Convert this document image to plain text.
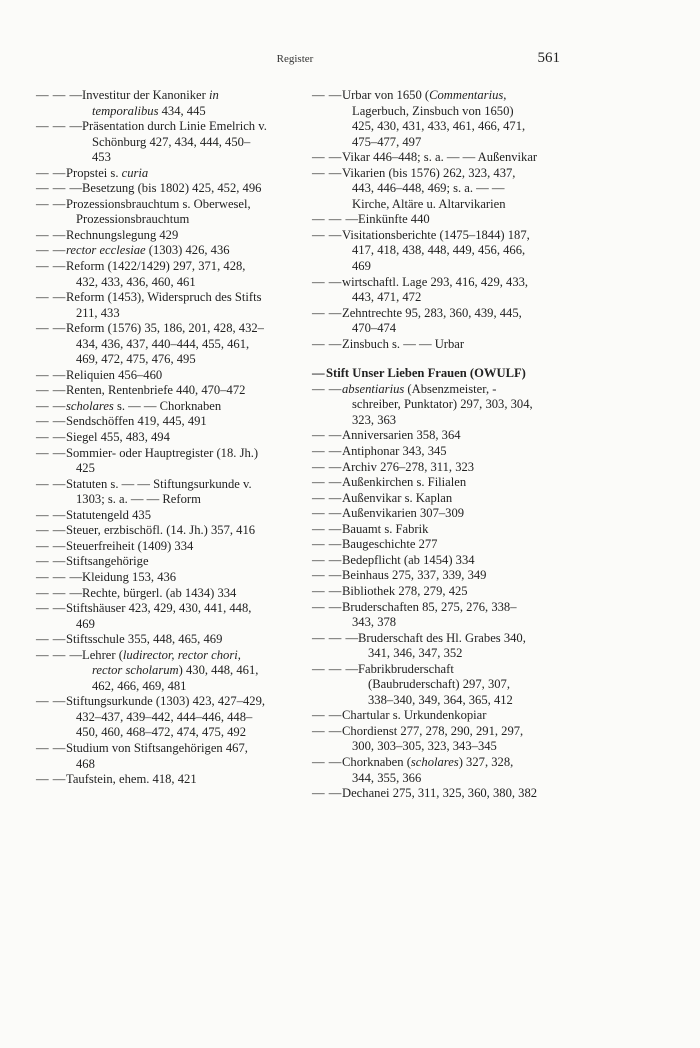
Register	561
— — — Investitur der Kanoniker in temporalibus 434, 445
— — — Präsentation durch Linie Emelrich v. Schönburg 427, 434, 444, 450–453
— — Propstei s. curia
— — — Besetzung (bis 1802) 425, 452, 496
— — Prozessionsbrauchtum s. Oberwesel, Prozessionsbrauchtum
— — Rechnungslegung 429
— — rector ecclesiae (1303) 426, 436
— — Reform (1422/1429) 297, 371, 428, 432, 433, 436, 460, 461
— — Reform (1453), Widerspruch des Stifts 211, 433
— — Reform (1576) 35, 186, 201, 428, 432–434, 436, 437, 440–444, 455, 461, 469, 472, 475, 476, 495
— — Reliquien 456–460
— — Renten, Rentenbriefe 440, 470–472
— — scholares s. — — Chorknaben
— — Sendschöffen 419, 445, 491
— — Siegel 455, 483, 494
— — Sommier- oder Hauptregister (18. Jh.) 425
— — Statuten s. — — Stiftungsurkunde v. 1303; s. a. — — Reform
— — Statutengeld 435
— — Steuer, erzbischöfl. (14. Jh.) 357, 416
— — Steuerfreiheit (1409) 334
— — Stiftsangehörige
— — — Kleidung 153, 436
— — — Rechte, bürgerl. (ab 1434) 334
— — Stiftshäuser 423, 429, 430, 441, 448, 469
— — Stiftsschule 355, 448, 465, 469
— — — Lehrer (ludirector, rector chori, rector scholarum) 430, 448, 461, 462, 466, 469, 481
— — Stiftungsurkunde (1303) 423, 427–429, 432–437, 439–442, 444–446, 448–450, 460, 468–472, 474, 475, 492
— — Studium von Stiftsangehörigen 467, 468
— — Taufstein, ehem. 418, 421
— — Urbar von 1650 (Commentarius, Lagerbuch, Zinsbuch von 1650) 425, 430, 431, 433, 461, 466, 471, 475–477, 497
— — Vikar 446–448; s. a. — — Außenvikar
— — Vikarien (bis 1576) 262, 323, 437, 443, 446–448, 469; s. a. — — Kirche, Altäre u. Altarvikarien
— — — Einkünfte 440
— — Visitationsberichte (1475–1844) 187, 417, 418, 438, 448, 449, 456, 466, 469
— — wirtschaftl. Lage 293, 416, 429, 433, 443, 471, 472
— — Zehntrechte 95, 283, 360, 439, 445, 470–474
— — Zinsbuch s. — — Urbar
— Stift Unser Lieben Frauen (OWULF)
— — absentiarius (Absenzmeister, -schreiber, Punktator) 297, 303, 304, 323, 363
— — Anniversarien 358, 364
— — Antiphonar 343, 345
— — Archiv 276–278, 311, 323
— — Außenkirchen s. Filialen
— — Außenvikar s. Kaplan
— — Außenvikarien 307–309
— — Bauamt s. Fabrik
— — Baugeschichte 277
— — Bedepflicht (ab 1454) 334
— — Beinhaus 275, 337, 339, 349
— — Bibliothek 278, 279, 425
— — Bruderschaften 85, 275, 276, 338–343, 378
— — — Bruderschaft des Hl. Grabes 340, 341, 346, 347, 352
— — — Fabrikbruderschaft (Baubruderschaft) 297, 307, 338–340, 349, 364, 365, 412
— — Chartular s. Urkundenkopiar
— — Chordienst 277, 278, 290, 291, 297, 300, 303–305, 323, 343–345
— — Chorknaben (scholares) 327, 328, 344, 355, 366
— — Dechanei 275, 311, 325, 360, 380, 382
